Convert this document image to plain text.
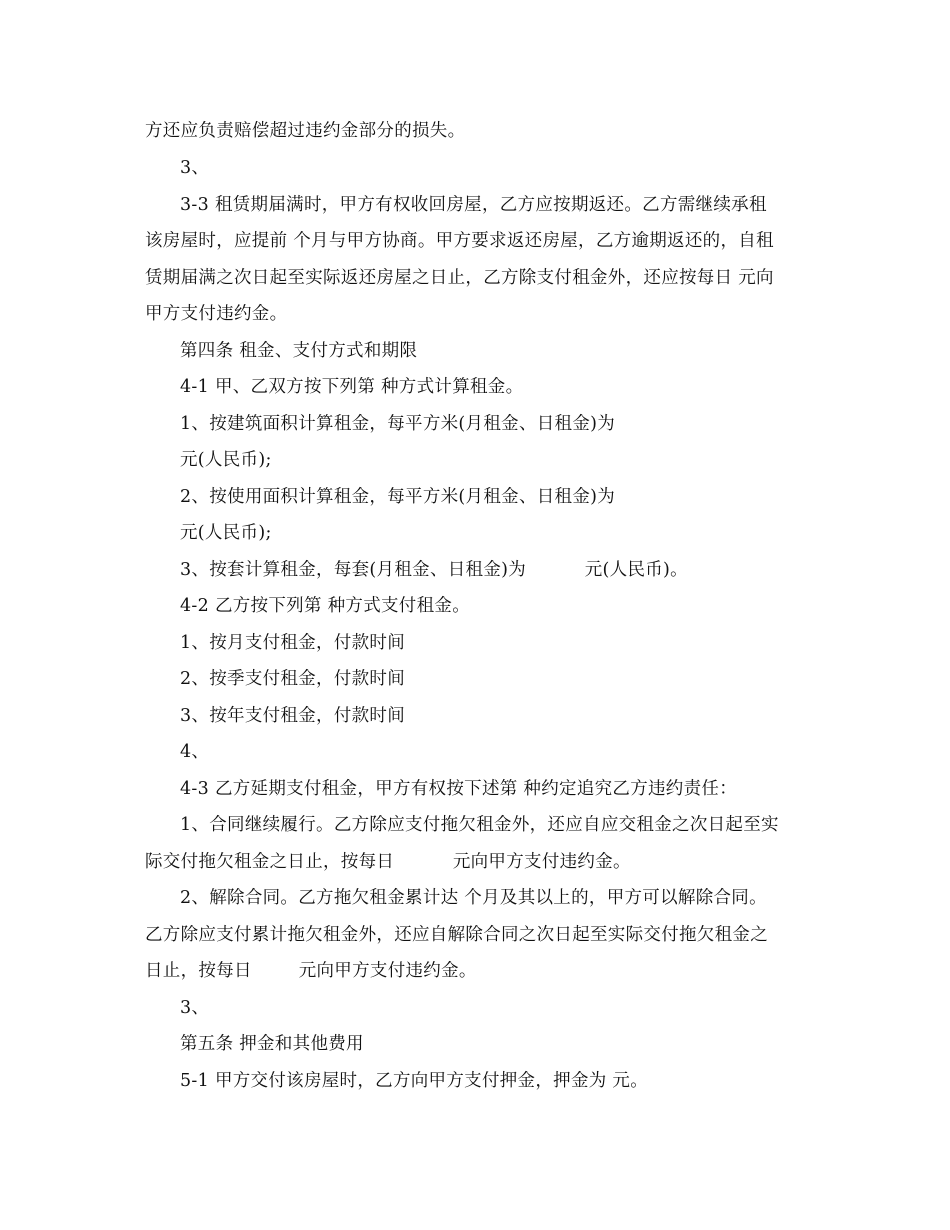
方还应负责赔偿超过违约金部分的损失。
3、
3-3 租赁期届满时，甲方有权收回房屋，乙方应按期返还。乙方需继续承租
该房屋时，应提前 个月与甲方协商。甲方要求返还房屋，乙方逾期返还的，自租
赁期届满之次日起至实际返还房屋之日止，乙方除支付租金外，还应按每日 元向
甲方支付违约金。
第四条 租金、支付方式和期限
4-1 甲、乙双方按下列第 种方式计算租金。
1、按建筑面积计算租金，每平方米(月租金、日租金)为
元(人民币);
2、按使用面积计算租金，每平方米(月租金、日租金)为
元(人民币);
3、按套计算租金，每套(月租金、日租金)为          元(人民币)。
4-2 乙方按下列第 种方式支付租金。
1、按月支付租金，付款时间
2、按季支付租金，付款时间
3、按年支付租金，付款时间
4、
4-3 乙方延期支付租金，甲方有权按下述第 种约定追究乙方违约责任：
1、合同继续履行。乙方除应支付拖欠租金外，还应自应交租金之次日起至实
际交付拖欠租金之日止，按每日          元向甲方支付违约金。
2、解除合同。乙方拖欠租金累计达 个月及其以上的，甲方可以解除合同。
乙方除应支付累计拖欠租金外，还应自解除合同之次日起至实际交付拖欠租金之
日止，按每日        元向甲方支付违约金。
3、
第五条 押金和其他费用
5-1 甲方交付该房屋时，乙方向甲方支付押金，押金为 元。
